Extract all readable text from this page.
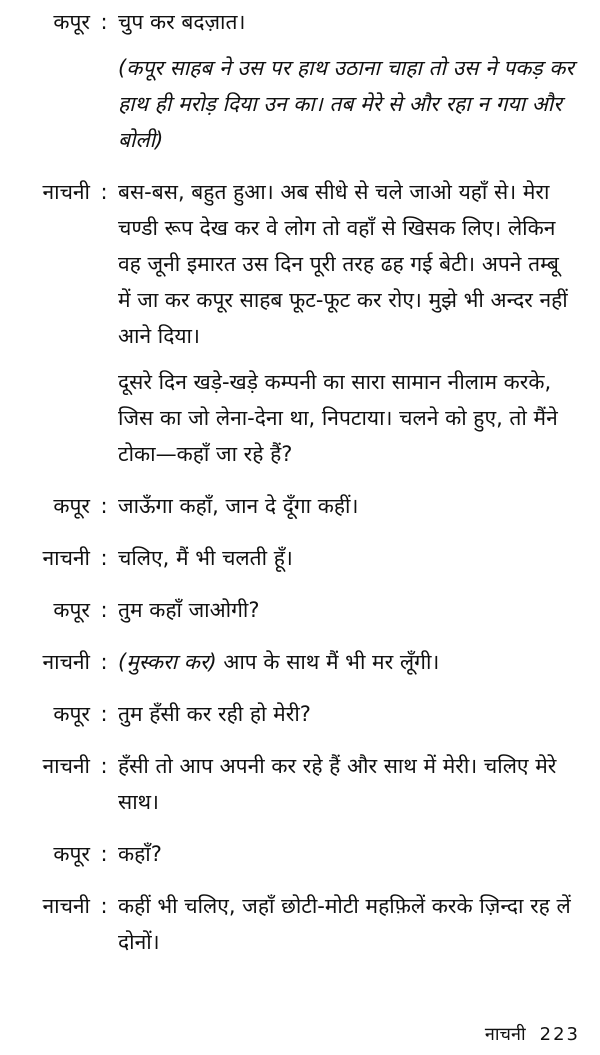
कपूर : चुप कर बदज़ात।

(कपूर साहब ने उस पर हाथ उठाना चाहा तो उस ने पकड़ कर हाथ ही मरोड़ दिया उन का। तब मेरे से और रहा न गया और बोली)

नाचनी : बस-बस, बहुत हुआ। अब सीधे से चले जाओ यहाँ से। मेरा चण्डी रूप देख कर वे लोग तो वहाँ से खिसक लिए। लेकिन वह जूनी इमारत उस दिन पूरी तरह ढह गई बेटी। अपने तम्बू में जा कर कपूर साहब फूट-फूट कर रोए। मुझे भी अन्दर नहीं आने दिया।

दूसरे दिन खड़े-खड़े कम्पनी का सारा सामान नीलाम करके, जिस का जो लेना-देना था, निपटाया। चलने को हुए, तो मैंने टोका—कहाँ जा रहे हैं?

कपूर : जाऊँगा कहाँ, जान दे दूँगा कहीं।

नाचनी : चलिए, मैं भी चलती हूँ।

कपूर : तुम कहाँ जाओगी?

नाचनी : (मुस्करा कर) आप के साथ मैं भी मर लूँगी।

कपूर : तुम हँसी कर रही हो मेरी?

नाचनी : हँसी तो आप अपनी कर रहे हैं और साथ में मेरी। चलिए मेरे साथ।

कपूर : कहाँ?

नाचनी : कहीं भी चलिए, जहाँ छोटी-मोटी महफ़िलें करके ज़िन्दा रह लें दोनों।

नाचनी 223
